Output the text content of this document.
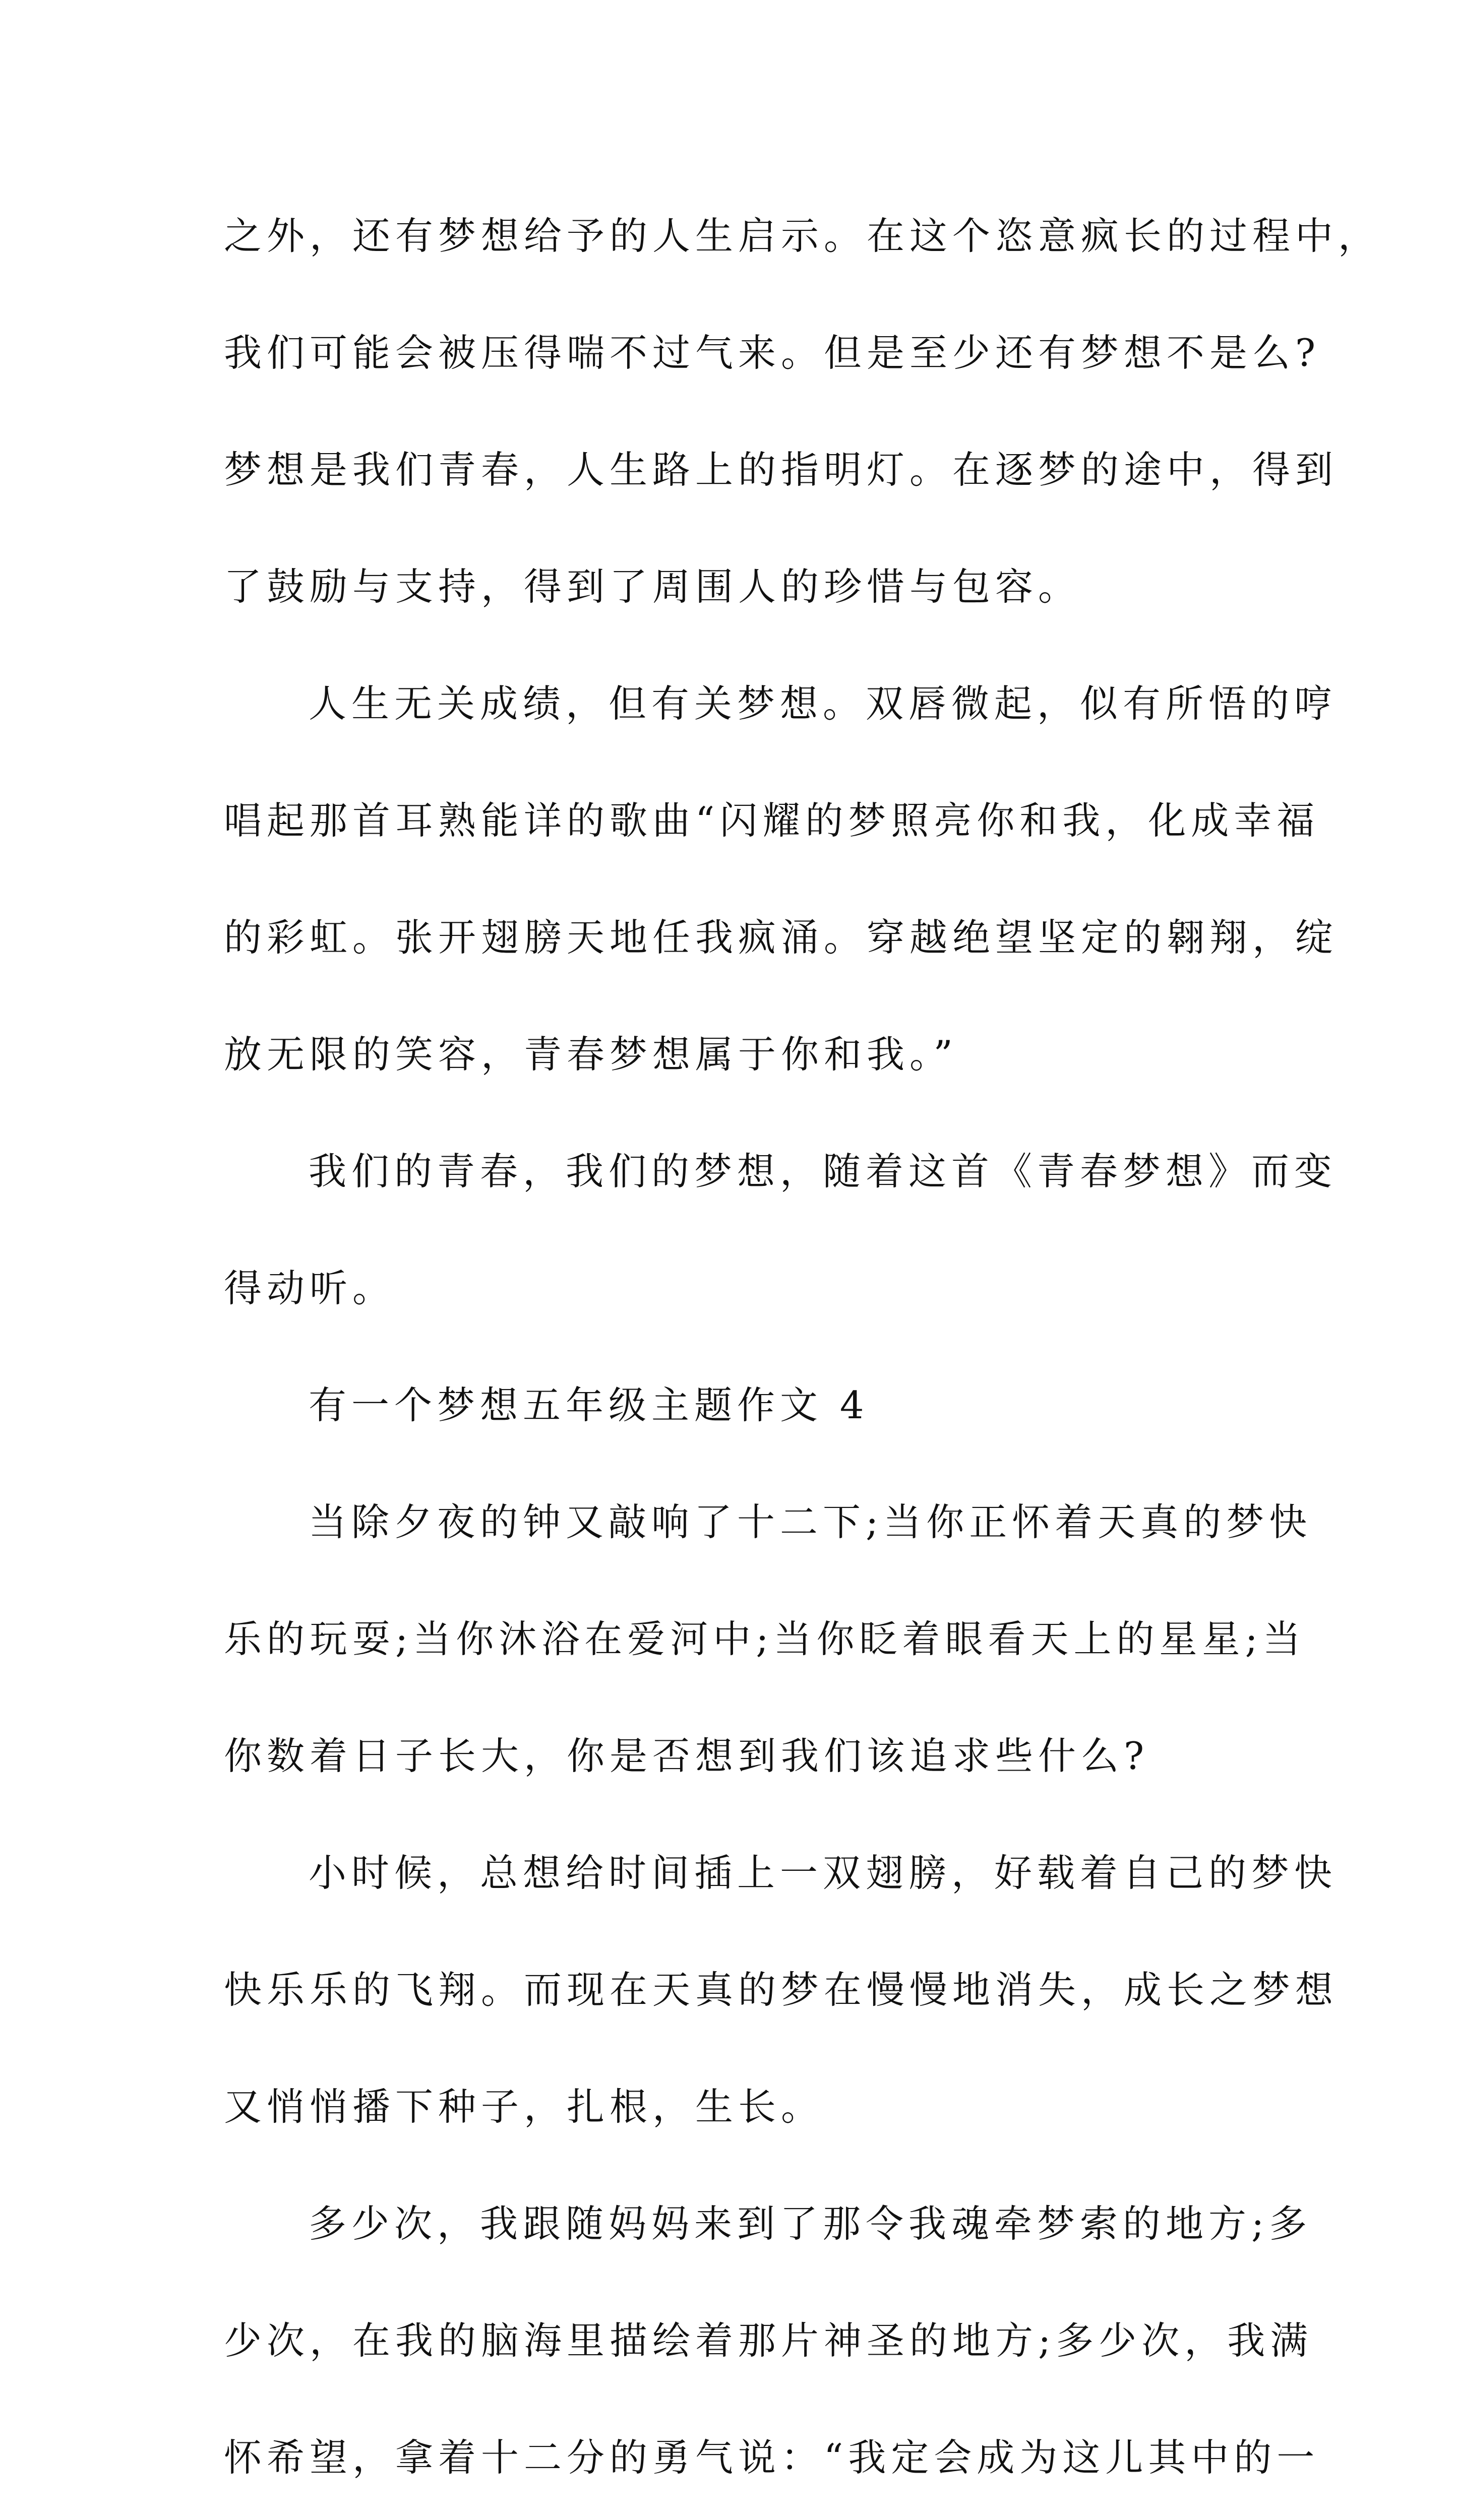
之外，还有梦想给予的人生启示。在这个恣意疯长的过程中，
我们可能会被压得喘不过气来。但是至少还有梦想不是么?
梦想是我们青春，人生路上的指明灯。在逐梦的途中，得到
了鼓励与支持，得到了周围人的珍惜与包容。
人生无关成绩，但有关梦想。双唇微起，似有所悟的哼
唱起那首耳熟能详的歌曲“闪耀的梦照亮你和我，化成幸福
的彩虹。张开翅膀天地任我疯涌。穿越绝望坚定的翱翔，绽
放无限的笑容，青春梦想属于你和我。”
我们的青春，我们的梦想，随着这首《青春梦想》而变
得动听。
有一个梦想五年级主题作文 4
当除夕夜的钟又敲响了十二下;当你正怀着天真的梦快
乐的玩耍;当你沐浴在爱河中;当你眨着眼看天上的星星;当
你数着日子长大，你是否想到我们该追求些什么?
小时候，总想给时间插上一双翅膀，好载着自己的梦快
快乐乐的飞翔。而现在天真的梦在慢慢地消失，成长之梦想
又悄悄播下种子，扎根，生长。
多少次，我跟随妈妈来到了那令我魂牵梦索的地方;多
少次，在我的脑海里描绘着那片神圣的地方;多少次，我满
怀希望，拿着十二分的勇气说：“我定会成为这儿其中的一
